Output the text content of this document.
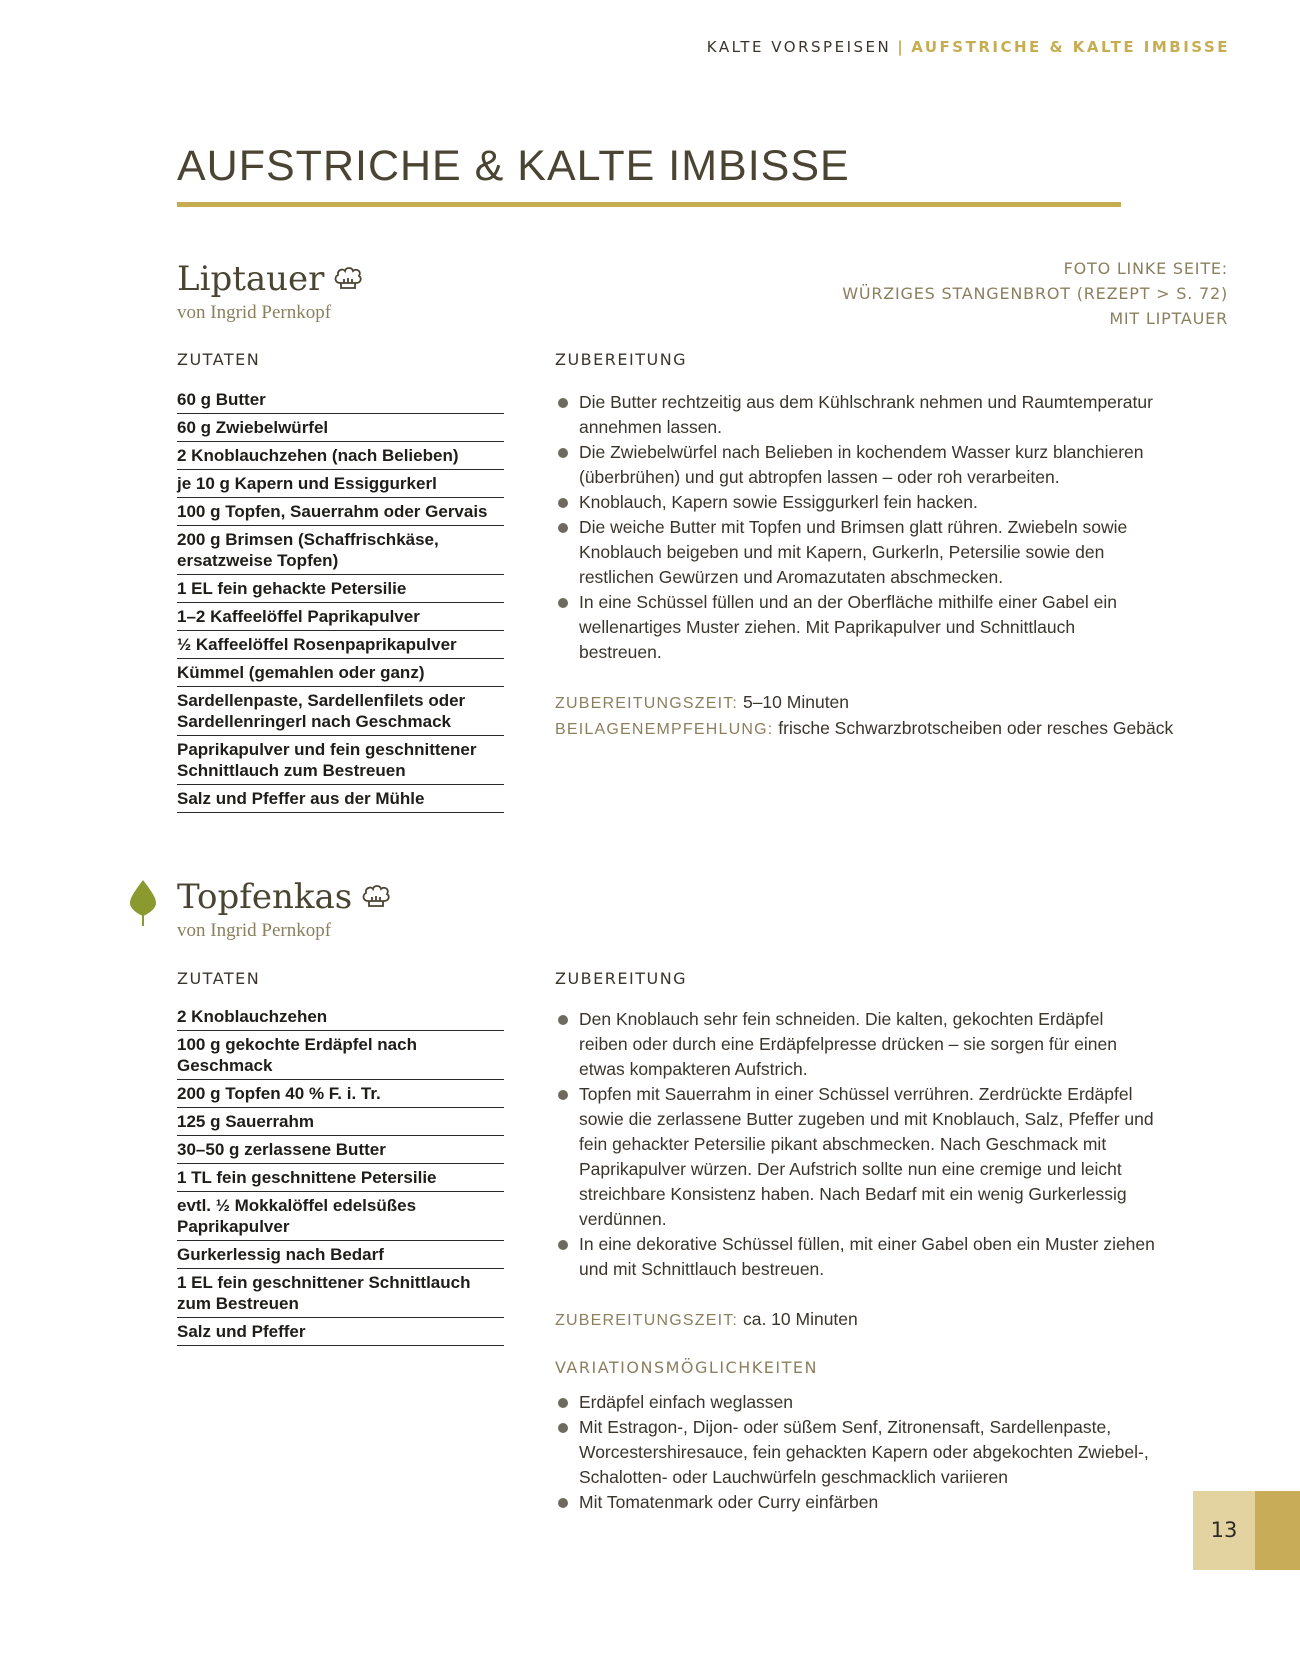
KALTE VORSPEISEN | AUFSTRICHE & KALTE IMBISSE
AUFSTRICHE & KALTE IMBISSE
Liptauer
von Ingrid Pernkopf
FOTO LINKE SEITE:
WÜRZIGES STANGENBROT (REZEPT > S. 72)
MIT LIPTAUER
ZUTATEN	ZUBEREITUNG
60 g Butter
60 g Zwiebelwürfel
2 Knoblauchzehen (nach Belieben)
je 10 g Kapern und Essiggurkerl
100 g Topfen, Sauerrahm oder Gervais
200 g Brimsen (Schaffrischkäse, ersatzweise Topfen)
1 EL fein gehackte Petersilie
1–2 Kaffeelöffel Paprikapulver
½ Kaffeelöffel Rosenpaprikapulver
Kümmel (gemahlen oder ganz)
Sardellenpaste, Sardellenfilets oder Sardellenringerl nach Geschmack
Paprikapulver und fein geschnittener Schnittlauch zum Bestreuen
Salz und Pfeffer aus der Mühle
Die Butter rechtzeitig aus dem Kühlschrank nehmen und Raumtemperatur annehmen lassen.
Die Zwiebelwürfel nach Belieben in kochendem Wasser kurz blanchieren (überbrühen) und gut abtropfen lassen – oder roh verarbeiten.
Knoblauch, Kapern sowie Essiggurkerl fein hacken.
Die weiche Butter mit Topfen und Brimsen glatt rühren. Zwiebeln sowie Knoblauch beigeben und mit Kapern, Gurkerln, Petersilie sowie den restlichen Gewürzen und Aromazutaten abschmecken.
In eine Schüssel füllen und an der Oberfläche mithilfe einer Gabel ein wellenartiges Muster ziehen. Mit Paprikapulver und Schnittlauch bestreuen.
ZUBEREITUNGSZEIT: 5–10 Minuten
BEILAGENEMPFEHLUNG: frische Schwarzbrotscheiben oder resches Gebäck
Topfenkas
von Ingrid Pernkopf
ZUTATEN	ZUBEREITUNG
2 Knoblauchzehen
100 g gekochte Erdäpfel nach Geschmack
200 g Topfen 40 % F. i. Tr.
125 g Sauerrahm
30–50 g zerlassene Butter
1 TL fein geschnittene Petersilie
evtl. ½ Mokkalöffel edelsüßes Paprikapulver
Gurkerlessig nach Bedarf
1 EL fein geschnittener Schnittlauch zum Bestreuen
Salz und Pfeffer
Den Knoblauch sehr fein schneiden. Die kalten, gekochten Erdäpfel reiben oder durch eine Erdäpfelpresse drücken – sie sorgen für einen etwas kompakteren Aufstrich.
Topfen mit Sauerrahm in einer Schüssel verrühren. Zerdrückte Erdäpfel sowie die zerlassene Butter zugeben und mit Knoblauch, Salz, Pfeffer und fein gehackter Petersilie pikant abschmecken. Nach Geschmack mit Paprikapulver würzen. Der Aufstrich sollte nun eine cremige und leicht streichbare Konsistenz haben. Nach Bedarf mit ein wenig Gurkerlessig verdünnen.
In eine dekorative Schüssel füllen, mit einer Gabel oben ein Muster ziehen und mit Schnittlauch bestreuen.
ZUBEREITUNGSZEIT: ca. 10 Minuten
VARIATIONSMÖGLICHKEITEN
Erdäpfel einfach weglassen
Mit Estragon-, Dijon- oder süßem Senf, Zitronensaft, Sardellenpaste, Worcestershiresauce, fein gehackten Kapern oder abgekochten Zwiebel-, Schalotten- oder Lauchwürfeln geschmacklich variieren
Mit Tomatenmark oder Curry einfärben
13
